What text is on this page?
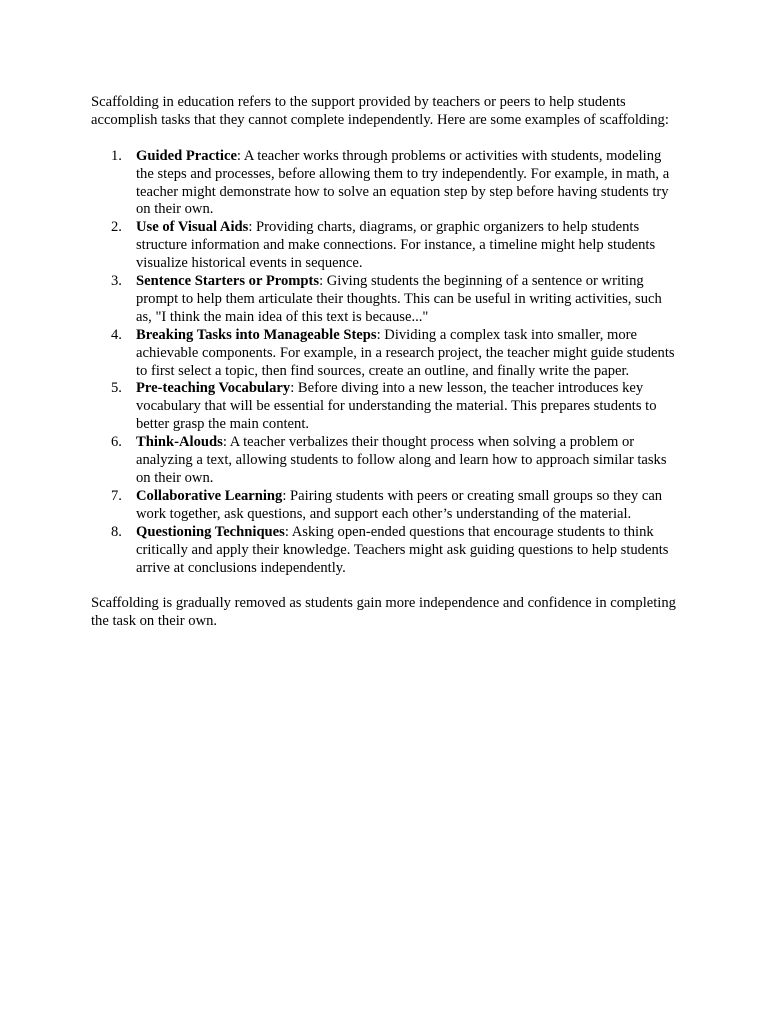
Scaffolding in education refers to the support provided by teachers or peers to help students accomplish tasks that they cannot complete independently. Here are some examples of scaffolding:

1. Guided Practice: A teacher works through problems or activities with students, modeling the steps and processes, before allowing them to try independently. For example, in math, a teacher might demonstrate how to solve an equation step by step before having students try on their own.
2. Use of Visual Aids: Providing charts, diagrams, or graphic organizers to help students structure information and make connections. For instance, a timeline might help students visualize historical events in sequence.
3. Sentence Starters or Prompts: Giving students the beginning of a sentence or writing prompt to help them articulate their thoughts. This can be useful in writing activities, such as, "I think the main idea of this text is because..."
4. Breaking Tasks into Manageable Steps: Dividing a complex task into smaller, more achievable components. For example, in a research project, the teacher might guide students to first select a topic, then find sources, create an outline, and finally write the paper.
5. Pre-teaching Vocabulary: Before diving into a new lesson, the teacher introduces key vocabulary that will be essential for understanding the material. This prepares students to better grasp the main content.
6. Think-Alouds: A teacher verbalizes their thought process when solving a problem or analyzing a text, allowing students to follow along and learn how to approach similar tasks on their own.
7. Collaborative Learning: Pairing students with peers or creating small groups so they can work together, ask questions, and support each other’s understanding of the material.
8. Questioning Techniques: Asking open-ended questions that encourage students to think critically and apply their knowledge. Teachers might ask guiding questions to help students arrive at conclusions independently.

Scaffolding is gradually removed as students gain more independence and confidence in completing the task on their own.
